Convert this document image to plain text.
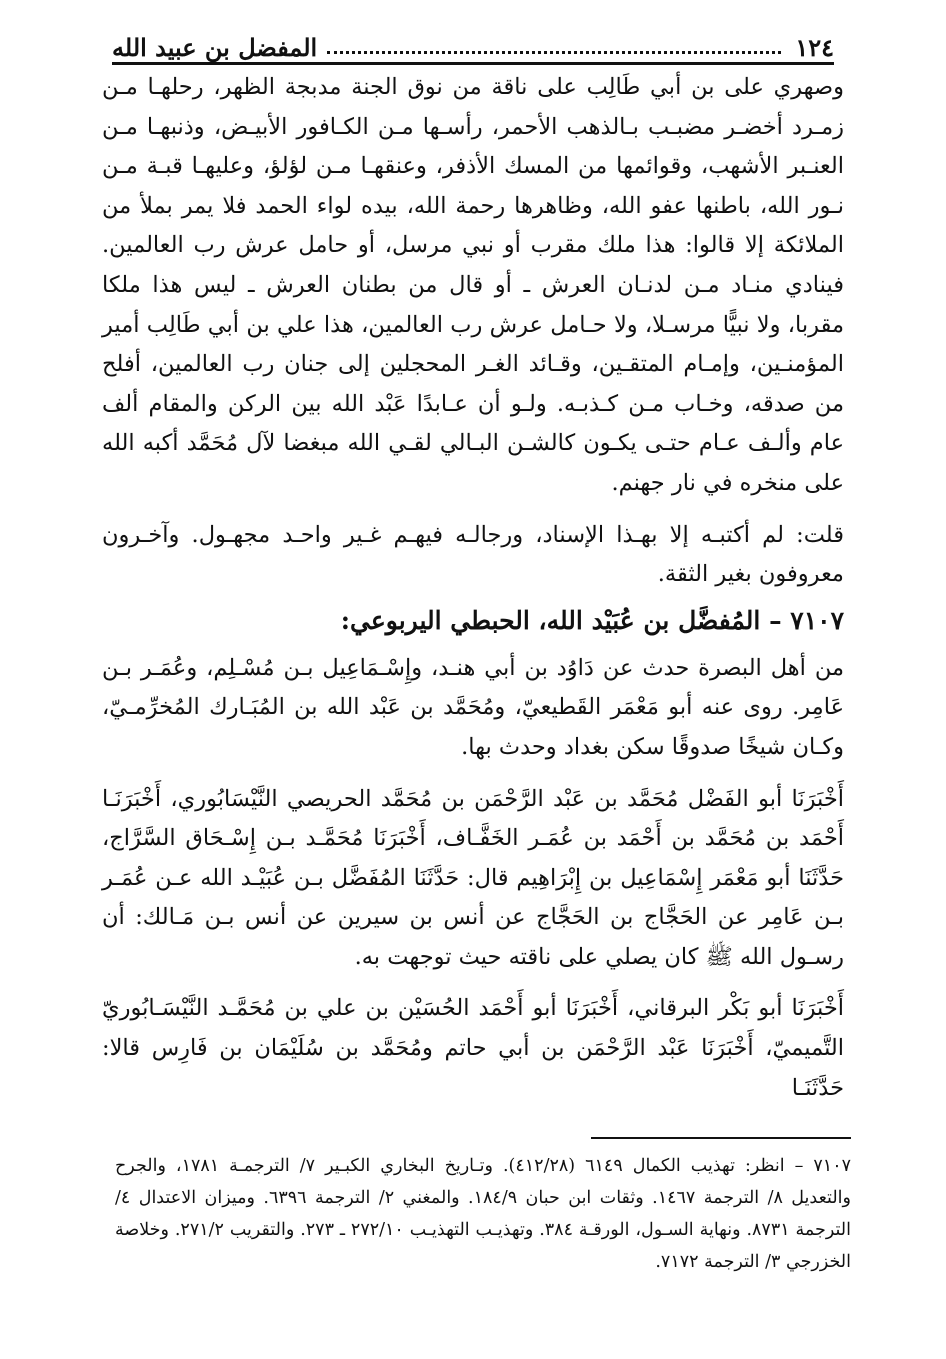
١٢٤
المفضل بن عبيد الله

وصهري على بن أبي طَالِب على ناقة من نوق الجنة مدبجة الظهر، رحلهـا مـن زمـرد أخضـر مضبـب بـالذهب الأحمر، رأسـها مـن الكـافور الأبيـض، وذنبهـا مـن العنـبر الأشهب، وقوائمها من المسك الأذفر، وعنقهـا مـن لؤلؤ، وعليهـا قبـة مـن نـور الله، باطنها عفو الله، وظاهرها رحمة الله، بيده لواء الحمد فلا يمر بملأ من الملائكة إلا قالوا: هذا ملك مقرب أو نبي مرسل، أو حامل عرش رب العالمين. فينادي منـاد مـن لدنـان العرش ـ أو قال من بطنان العرش ـ ليس هذا ملكا مقربا، ولا نبيًّا مرسـلا، ولا حـامل عرش رب العالمين، هذا علي بن أبي طَالِب أمير المؤمنـين، وإمـام المتقـين، وقـائد الغـر المحجلين إلى جنان رب العالمين، أفلح من صدقه، وخـاب مـن كـذبـه. ولـو أن عـابدًا عَبْد الله بين الركن والمقام ألف عام وألـف عـام حتـى يكـون كالشـن البـالي لقـي الله مبغضا لآل مُحَمَّد أكبه الله على منخره في نار جهنم.

قلت: لم أكتبـه إلا بهـذا الإسناد، ورجالـه فيهـم غـير واحـد مجهـول. وآخـرون معروفون بغير الثقة.

٧١٠٧ – المُفضَّل بن عُبَيْد الله، الحبطي اليربوعي:

من أهل البصرة حدث عن دَاوُد بن أبي هنـد، وإِسْـمَاعِيل بـن مُسْـلِم، وعُمَـر بـن عَامِر. روى عنه أبو مَعْمَر القَطيعيّ، ومُحَمَّد بن عَبْد الله بن المُبَـارك المُخرِّمـيّ، وكـان شيخًا صدوقًا سكن بغداد وحدث بها.

أَخْبَرَنَا أبو الفَضْل مُحَمَّد بن عَبْد الرَّحْمَن بن مُحَمَّد الحريصي النَّيْسَابُوري، أَخْبَرَنَـا أَحْمَد بن مُحَمَّد بن أَحْمَد بن عُمَـر الخَفَّـاف، أَخْبَرَنَا مُحَمَّـد بـن إِسْـحَاق السَّرَّاج، حَدَّثَنَا أبو مَعْمَر إِسْمَاعِيل بن إِبْرَاهِيم قال: حَدَّثَنَا المُفَضَّل بـن عُبَيْـد الله عـن عُمَـر بـن عَامِر عن الحَجَّاج بن الحَجَّاج عن أنس بن سيرين عن أنس بـن مَـالك: أن رسـول الله ﷺ كان يصلي على ناقته حيث توجهت به.

أَخْبَرَنَا أبو بَكْر البرقاني، أَخْبَرَنَا أبو أَحْمَد الحُسَيْن بن علي بن مُحَمَّـد النَّيْسَـابُوريّ التَّميميّ، أَخْبَرَنَا عَبْد الرَّحْمَن بن أبي حاتم ومُحَمَّد بن سُلَيْمَان بن فَارِس قالا: حَدَّثَنَـا

٧١٠٧ – انظر: تهذيب الكمال ٦١٤٩ (٤١٢/٢٨). وتـاريخ البخاري الكبـير ٧/ الترجمـة ١٧٨١، والجرح والتعديل ٨/ الترجمة ١٤٦٧. وثقات ابن حبان ١٨٤/٩. والمغني ٢/ الترجمة ٦٣٩٦. وميزان الاعتدال ٤/ الترجمة ٨٧٣١. ونهاية السـول، الورقـة ٣٨٤. وتهذيـب التهذيـب ٢٧٢/١٠ ـ ٢٧٣. والتقريب ٢٧١/٢. وخلاصة الخزرجي ٣/ الترجمة ٧١٧٢.
